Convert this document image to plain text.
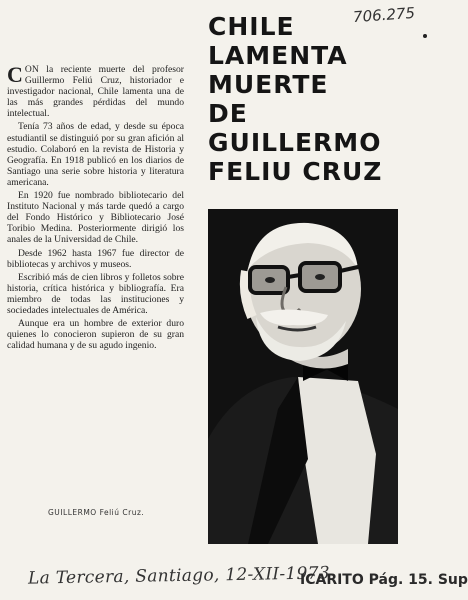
706.275
CHILE
LAMENTA
MUERTE
DE
GUILLERMO
FELIU CRUZ

CON la reciente muerte del profesor Guillermo Feliú Cruz, historiador e investigador nacional, Chile lamenta una de las más grandes pérdidas del mundo intelectual.

Tenía 73 años de edad, y desde su época estudiantil se distinguió por su gran afición al estudio. Colaboró en la revista de Historia y Geografía. En 1918 publicó en los diarios de Santiago una serie sobre historia y literatura americana.

En 1920 fue nombrado bibliotecario del Instituto Nacional y más tarde quedó a cargo del Fondo Histórico y Bibliotecario José Toribio Medina. Posteriormente dirigió los anales de la Universidad de Chile.

Desde 1962 hasta 1967 fue director de bibliotecas y archivos y museos.

Escribió más de cien libros y folletos sobre historia, crítica histórica y bibliografía. Era miembro de todas las instituciones y sociedades intelectuales de América.

Aunque era un hombre de exterior duro quienes lo conocieron supieron de su gran calidad humana y de su agudo ingenio.

GUILLERMO Feliú Cruz.
La Tercera, Santiago, 12-XII-1973
ICARITO Pág. 15. Sup
